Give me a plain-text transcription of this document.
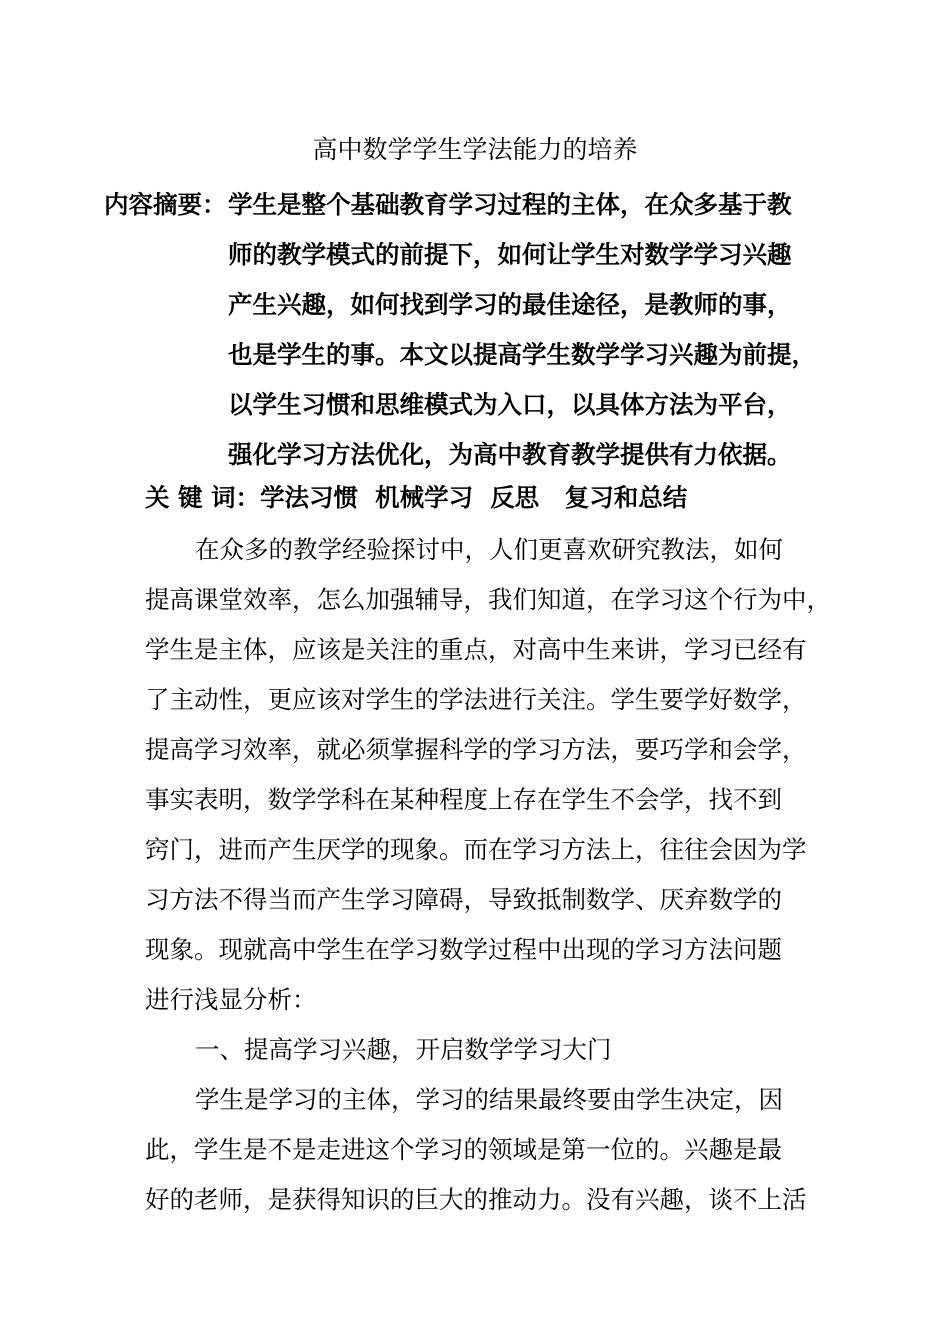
高中数学学生学法能力的培养
内容摘要： 学生是整个基础教育学习过程的主体，在众多基于教
师的教学模式的前提下，如何让学生对数学学习兴趣
产生兴趣，如何找到学习的最佳途径，是教师的事，
也是学生的事。本文以提高学生数学学习兴趣为前提，
以学生习惯和思维模式为入口，以具体方法为平台，
强化学习方法优化，为高中教育教学提供有力依据。
关 键 词：学法习惯 机械学习 反思 复习和总结
在众多的教学经验探讨中，人们更喜欢研究教法，如何
提高课堂效率，怎么加强辅导，我们知道，在学习这个行为中，
学生是主体，应该是关注的重点，对高中生来讲，学习已经有
了主动性，更应该对学生的学法进行关注。学生要学好数学，
提高学习效率，就必须掌握科学的学习方法，要巧学和会学，
事实表明，数学学科在某种程度上存在学生不会学，找不到
窍门，进而产生厌学的现象。而在学习方法上，往往会因为学
习方法不得当而产生学习障碍，导致抵制数学、厌弃数学的
现象。现就高中学生在学习数学过程中出现的学习方法问题
进行浅显分析：
一、提高学习兴趣，开启数学学习大门
学生是学习的主体，学习的结果最终要由学生决定，因
此，学生是不是走进这个学习的领域是第一位的。兴趣是最
好的老师，是获得知识的巨大的推动力。没有兴趣，谈不上活
